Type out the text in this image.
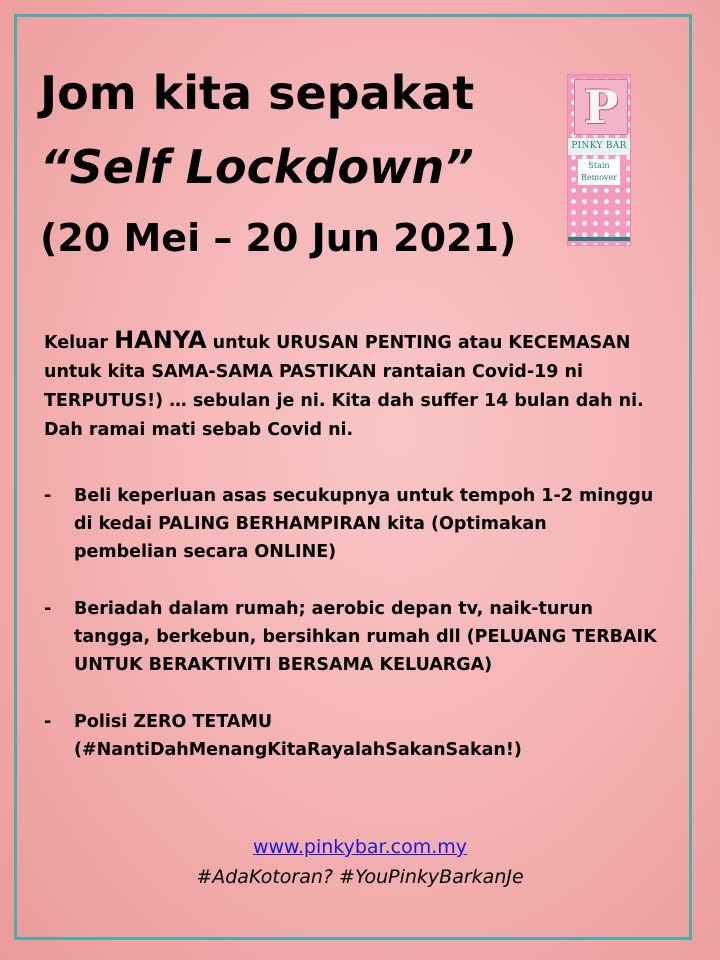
Jom kita sepakat
“Self Lockdown”
(20 Mei – 20 Jun 2021)
P
PINKY BAR
Stain
Remover
Keluar HANYA untuk URUSAN PENTING atau KECEMASAN
untuk kita SAMA-SAMA PASTIKAN rantaian Covid-19 ni
TERPUTUS!) … sebulan je ni. Kita dah suffer 14 bulan dah ni.
Dah ramai mati sebab Covid ni.
- Beli keperluan asas secukupnya untuk tempoh 1-2 minggu
di kedai PALING BERHAMPIRAN kita (Optimakan
pembelian secara ONLINE)
- Beriadah dalam rumah; aerobic depan tv, naik-turun
tangga, berkebun, bersihkan rumah dll (PELUANG TERBAIK
UNTUK BERAKTIVITI BERSAMA KELUARGA)
- Polisi ZERO TETAMU
(#NantiDahMenangKitaRayalahSakanSakan!)
www.pinkybar.com.my
#AdaKotoran? #YouPinkyBarkanJe
